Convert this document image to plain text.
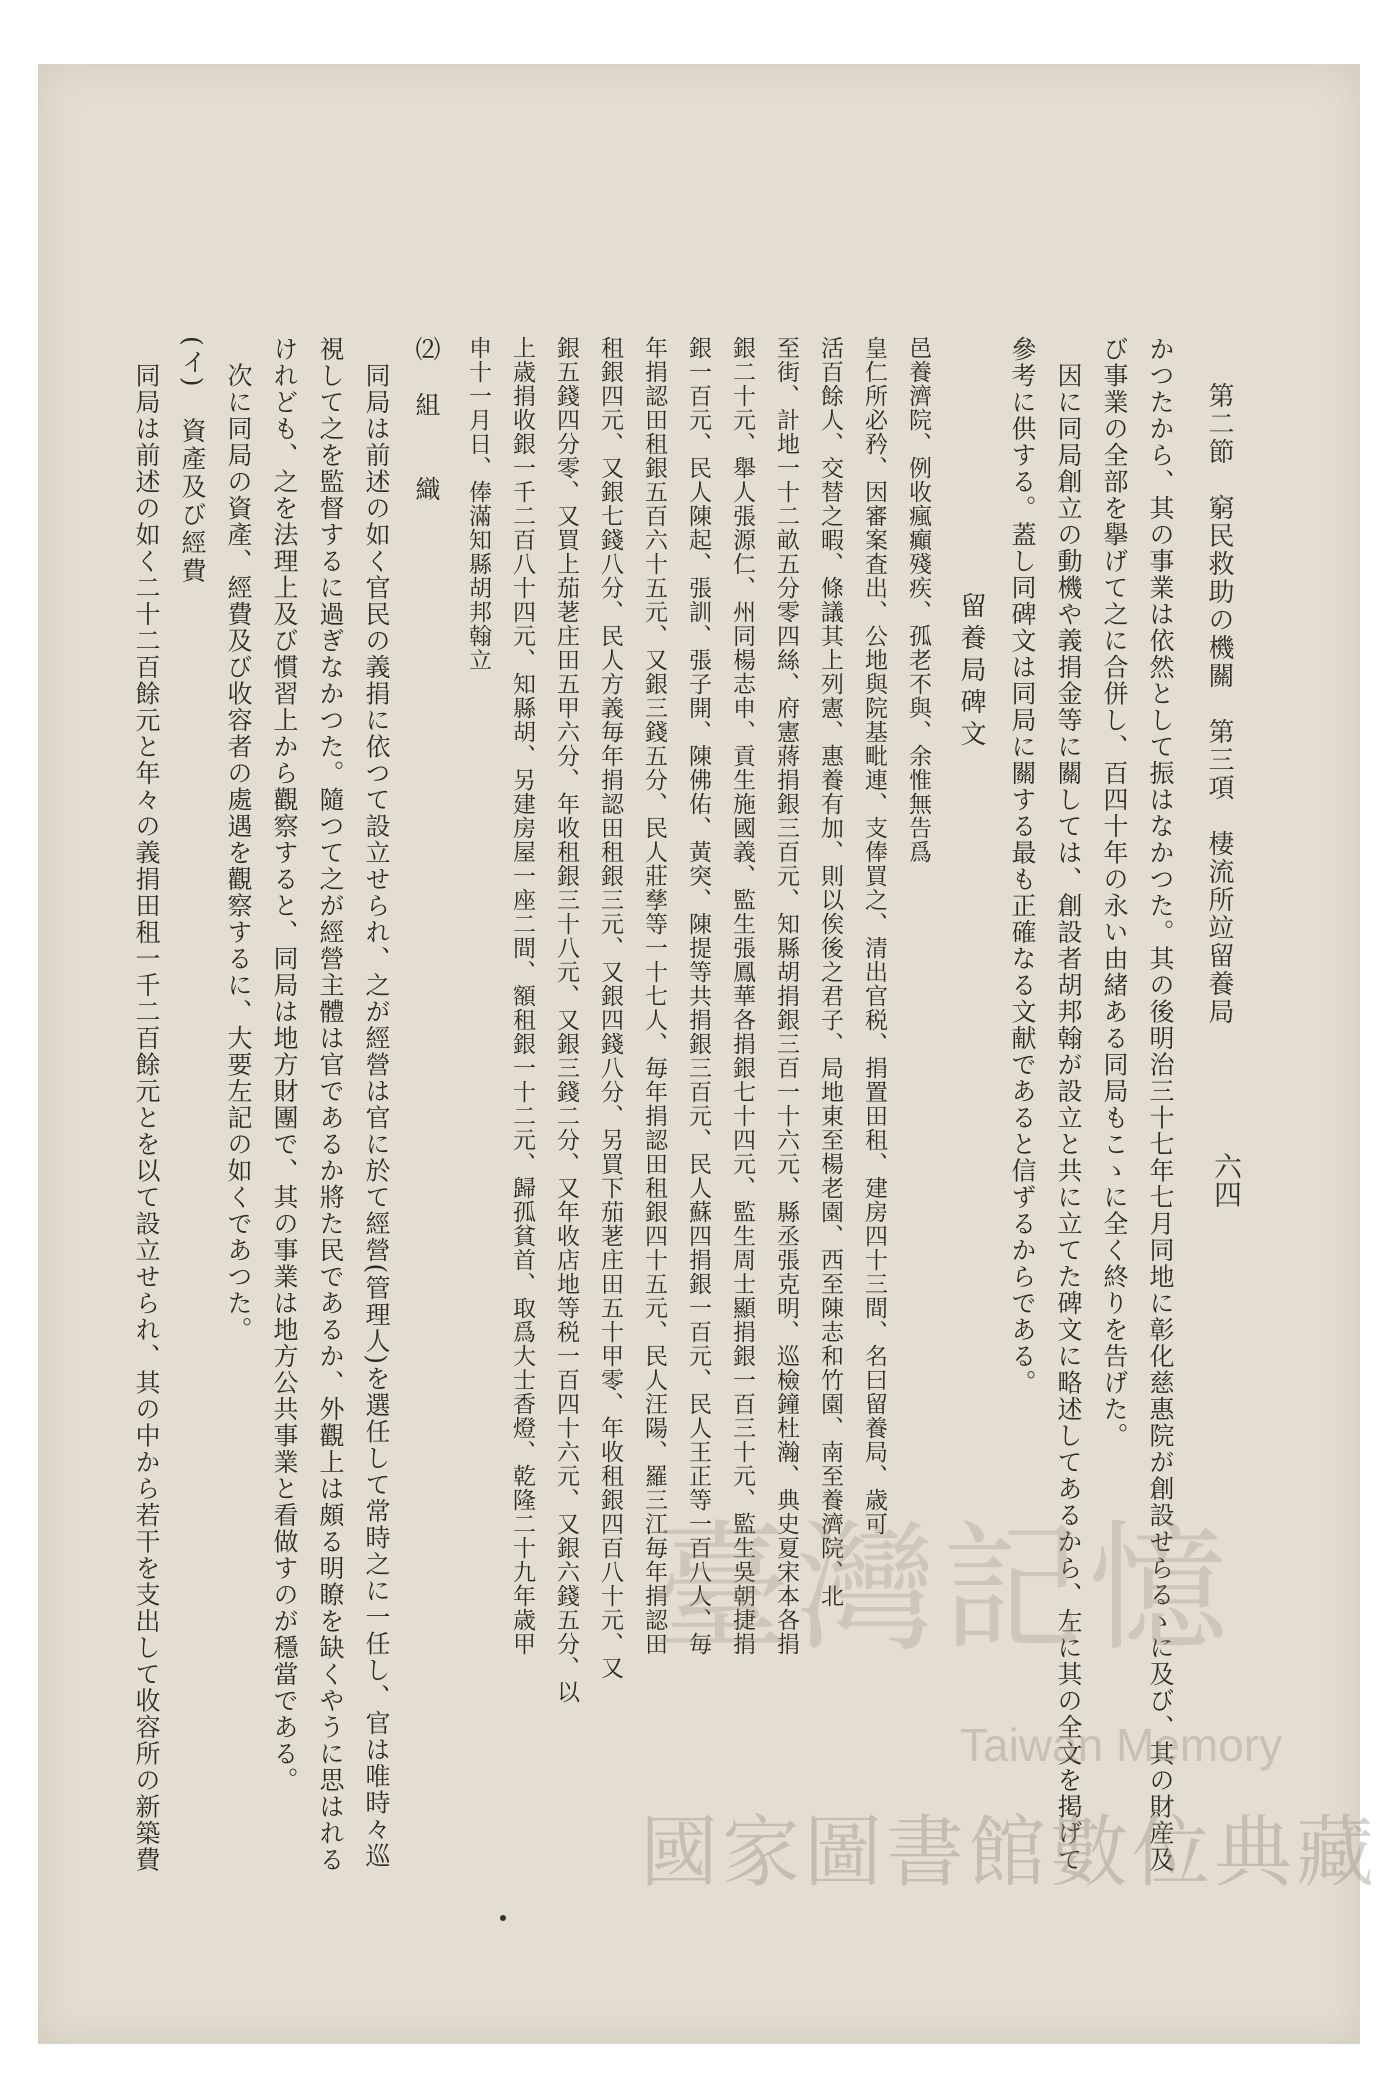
第二節　窮民救助の機關　第三項　棲流所竝留養局
六四
かつたから、其の事業は依然として振はなかつた。其の後明治三十七年七月同地に彰化慈惠院が創設せらるゝに及び、其の財産及
び事業の全部を擧げて之に合併し、百四十年の永い由緒ある同局もこゝに全く終りを告げた。
　因に同局創立の動機や義捐金等に關しては、創設者胡邦翰が設立と共に立てた碑文に略述してあるから、左に其の全文を掲げて
參考に供する。蓋し同碑文は同局に關する最も正確なる文献であると信ずるからである。
　　　　　　　　留養局碑文
邑養濟院、例收瘋癲殘疾、孤老不與、余惟無告爲
皇仁所必矜、因審案査出、公地與院基毗連、支俸買之、清出官税、捐置田租、建房四十三間、名曰留養局、歳可
活百餘人、交替之暇、條議其上列憲、惠養有加、則以俟後之君子、局地東至楊老園、西至陳志和竹園、南至養濟院、北
至街、計地一十二畝五分零四絲、府憲蔣捐銀三百元、知縣胡捐銀三百一十六元、縣丞張克明、巡檢鐘杜瀚、典史夏宋本各捐
銀二十元、舉人張源仁、州同楊志申、貢生施國義、監生張鳳華各捐銀七十四元、監生周士顯捐銀一百三十元、監生吳朝捷捐
銀一百元、民人陳起、張訓、張子開、陳佛佑、黃突、陳提等共捐銀三百元、民人蘇四捐銀一百元、民人王正等一百八人、毎
年捐認田租銀五百六十五元、又銀三錢五分、民人莊孳等一十七人、毎年捐認田租銀四十五元、民人汪陽、羅三江毎年捐認田
租銀四元、又銀七錢八分、民人方義毎年捐認田租銀三元、又銀四錢八分、另買下茄荖庄田五十甲零、年收租銀四百八十元、又
銀五錢四分零、又買上茄荖庄田五甲六分、年收租銀三十八元、又銀三錢二分、又年收店地等税一百四十六元、又銀六錢五分、以
上歳捐收銀一千二百八十四元、知縣胡、另建房屋一座二間、額租銀一十二元、歸孤貧首、取爲大士香燈、乾隆二十九年歳甲
申十一月日、俸滿知縣胡邦翰立
⑵　組　　織
　同局は前述の如く官民の義捐に依つて設立せられ、之が經營は官に於て經營(管理人)を選任して常時之に一任し、官は唯時々巡
視して之を監督するに過ぎなかつた。隨つて之が經營主體は官であるか將た民であるか、外觀上は頗る明瞭を缺くやうに思はれる
けれども、之を法理上及び慣習上から觀察すると、同局は地方財團で、其の事業は地方公共事業と看做すのが穩當である。
　次に同局の資產、經費及び收容者の處遇を觀察するに、大要左記の如くであつた。
(イ)　資產及び經費
　同局は前述の如く二十二百餘元と年々の義捐田租一千二百餘元とを以て設立せられ、其の中から若干を支出して收容所の新築費	臺灣記憶
Taiwan Memory
國家圖書館數位典藏
